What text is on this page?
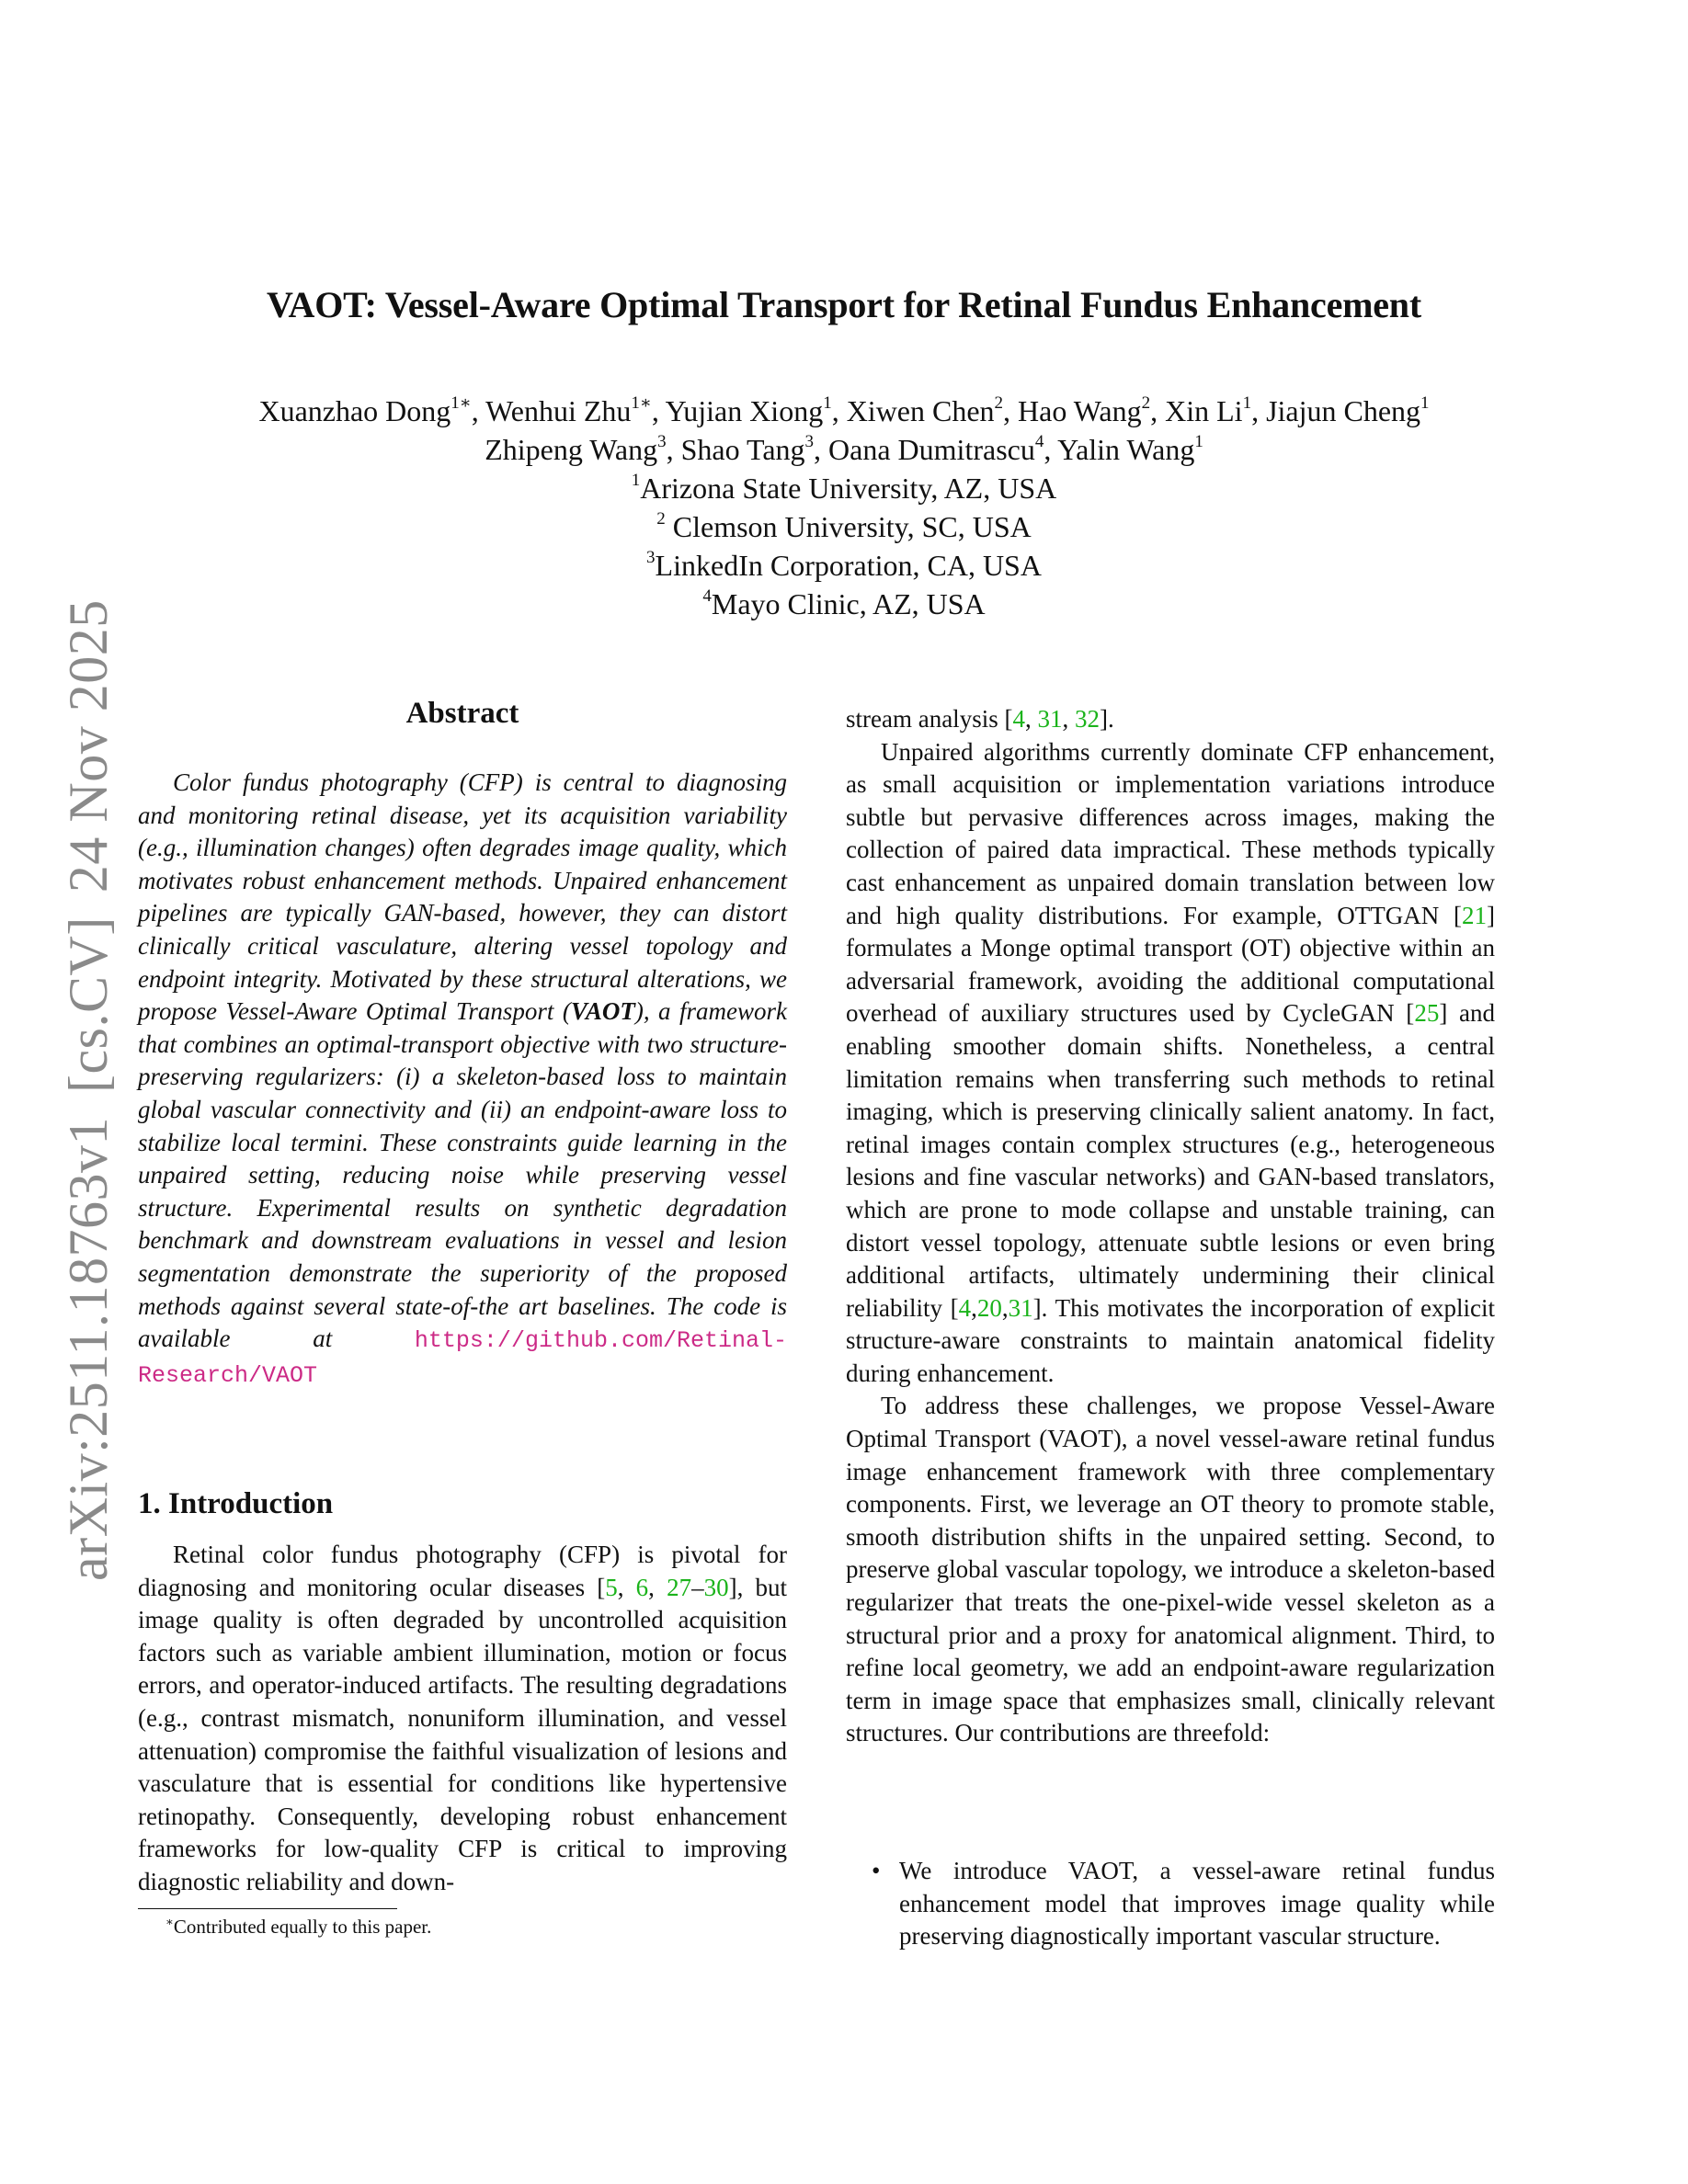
arXiv:2511.18763v1[cs.CV]24 Nov 2025
VAOT: Vessel-Aware Optimal Transport for Retinal Fundus Enhancement
Xuanzhao Dong$^{1∗}$, Wenhui Zhu$^{1∗}$, Yujian Xiong$^1$, Xiwen Chen$^2$, Hao Wang$^2$, Xin Li$^1$, Jiajun Cheng$^1$
Zhipeng Wang$^3$, Shao Tang$^3$, Oana Dumitrascu$^4$, Yalin Wang$^1$
$^1$Arizona State University, AZ, USA
$^2$ Clemson University, SC, USA
$^3$LinkedIn Corporation, CA, USA
$^4$Mayo Clinic, AZ, USA
Abstract

Color fundus photography (CFP) is central to diagnosing and monitoring retinal disease, yet its acquisition variability (e.g., illumination changes) often degrades image quality, which motivates robust enhancement methods. Unpaired enhancement pipelines are typically GAN-based, however, they can distort clinically critical vasculature, altering vessel topology and endpoint integrity. Motivated by these structural alterations, we propose Vessel-Aware Optimal Transport (VAOT), a framework that combines an optimal-transport objective with two structure-preserving regularizers: (i) a skeleton-based loss to maintain global vascular connectivity and (ii) an endpoint-aware loss to stabilize local termini. These constraints guide learning in the unpaired setting, reducing noise while preserving vessel structure. Experimental results on synthetic degradation benchmark and downstream evaluations in vessel and lesion segmentation demonstrate the superiority of the proposed methods against several state-of-the art baselines. The code is available at https://github.com/Retinal-Research/VAOT

1. Introduction

Retinal color fundus photography (CFP) is pivotal for diagnosing and monitoring ocular diseases [5, 6, 27–30], but image quality is often degraded by uncontrolled acquisition factors such as variable ambient illumination, motion or focus errors, and operator-induced artifacts. The resulting degradations (e.g., contrast mismatch, nonuniform illumination, and vessel attenuation) compromise the faithful visualization of lesions and vasculature that is essential for conditions like hypertensive retinopathy. Consequently, developing robust enhancement frameworks for low-quality CFP is critical to improving diagnostic reliability and down-

∗Contributed equally to this paper.

stream analysis [4, 31, 32].

Unpaired algorithms currently dominate CFP enhancement, as small acquisition or implementation variations introduce subtle but pervasive differences across images, making the collection of paired data impractical. These methods typically cast enhancement as unpaired domain translation between low and high quality distributions. For example, OTTGAN [21] formulates a Monge optimal transport (OT) objective within an adversarial framework, avoiding the additional computational overhead of auxiliary structures used by CycleGAN [25] and enabling smoother domain shifts. Nonetheless, a central limitation remains when transferring such methods to retinal imaging, which is preserving clinically salient anatomy. In fact, retinal images contain complex structures (e.g., heterogeneous lesions and fine vascular networks) and GAN-based translators, which are prone to mode collapse and unstable training, can distort vessel topology, attenuate subtle lesions or even bring additional artifacts, ultimately undermining their clinical reliability [4,20,31]. This motivates the incorporation of explicit structure-aware constraints to maintain anatomical fidelity during enhancement.

To address these challenges, we propose Vessel-Aware Optimal Transport (VAOT), a novel vessel-aware retinal fundus image enhancement framework with three complementary components. First, we leverage an OT theory to promote stable, smooth distribution shifts in the unpaired setting. Second, to preserve global vascular topology, we introduce a skeleton-based regularizer that treats the one-pixel-wide vessel skeleton as a structural prior and a proxy for anatomical alignment. Third, to refine local geometry, we add an endpoint-aware regularization term in image space that emphasizes small, clinically relevant structures. Our contributions are threefold:

• We introduce VAOT, a vessel-aware retinal fundus enhancement model that improves image quality while preserving diagnostically important vascular structure.
